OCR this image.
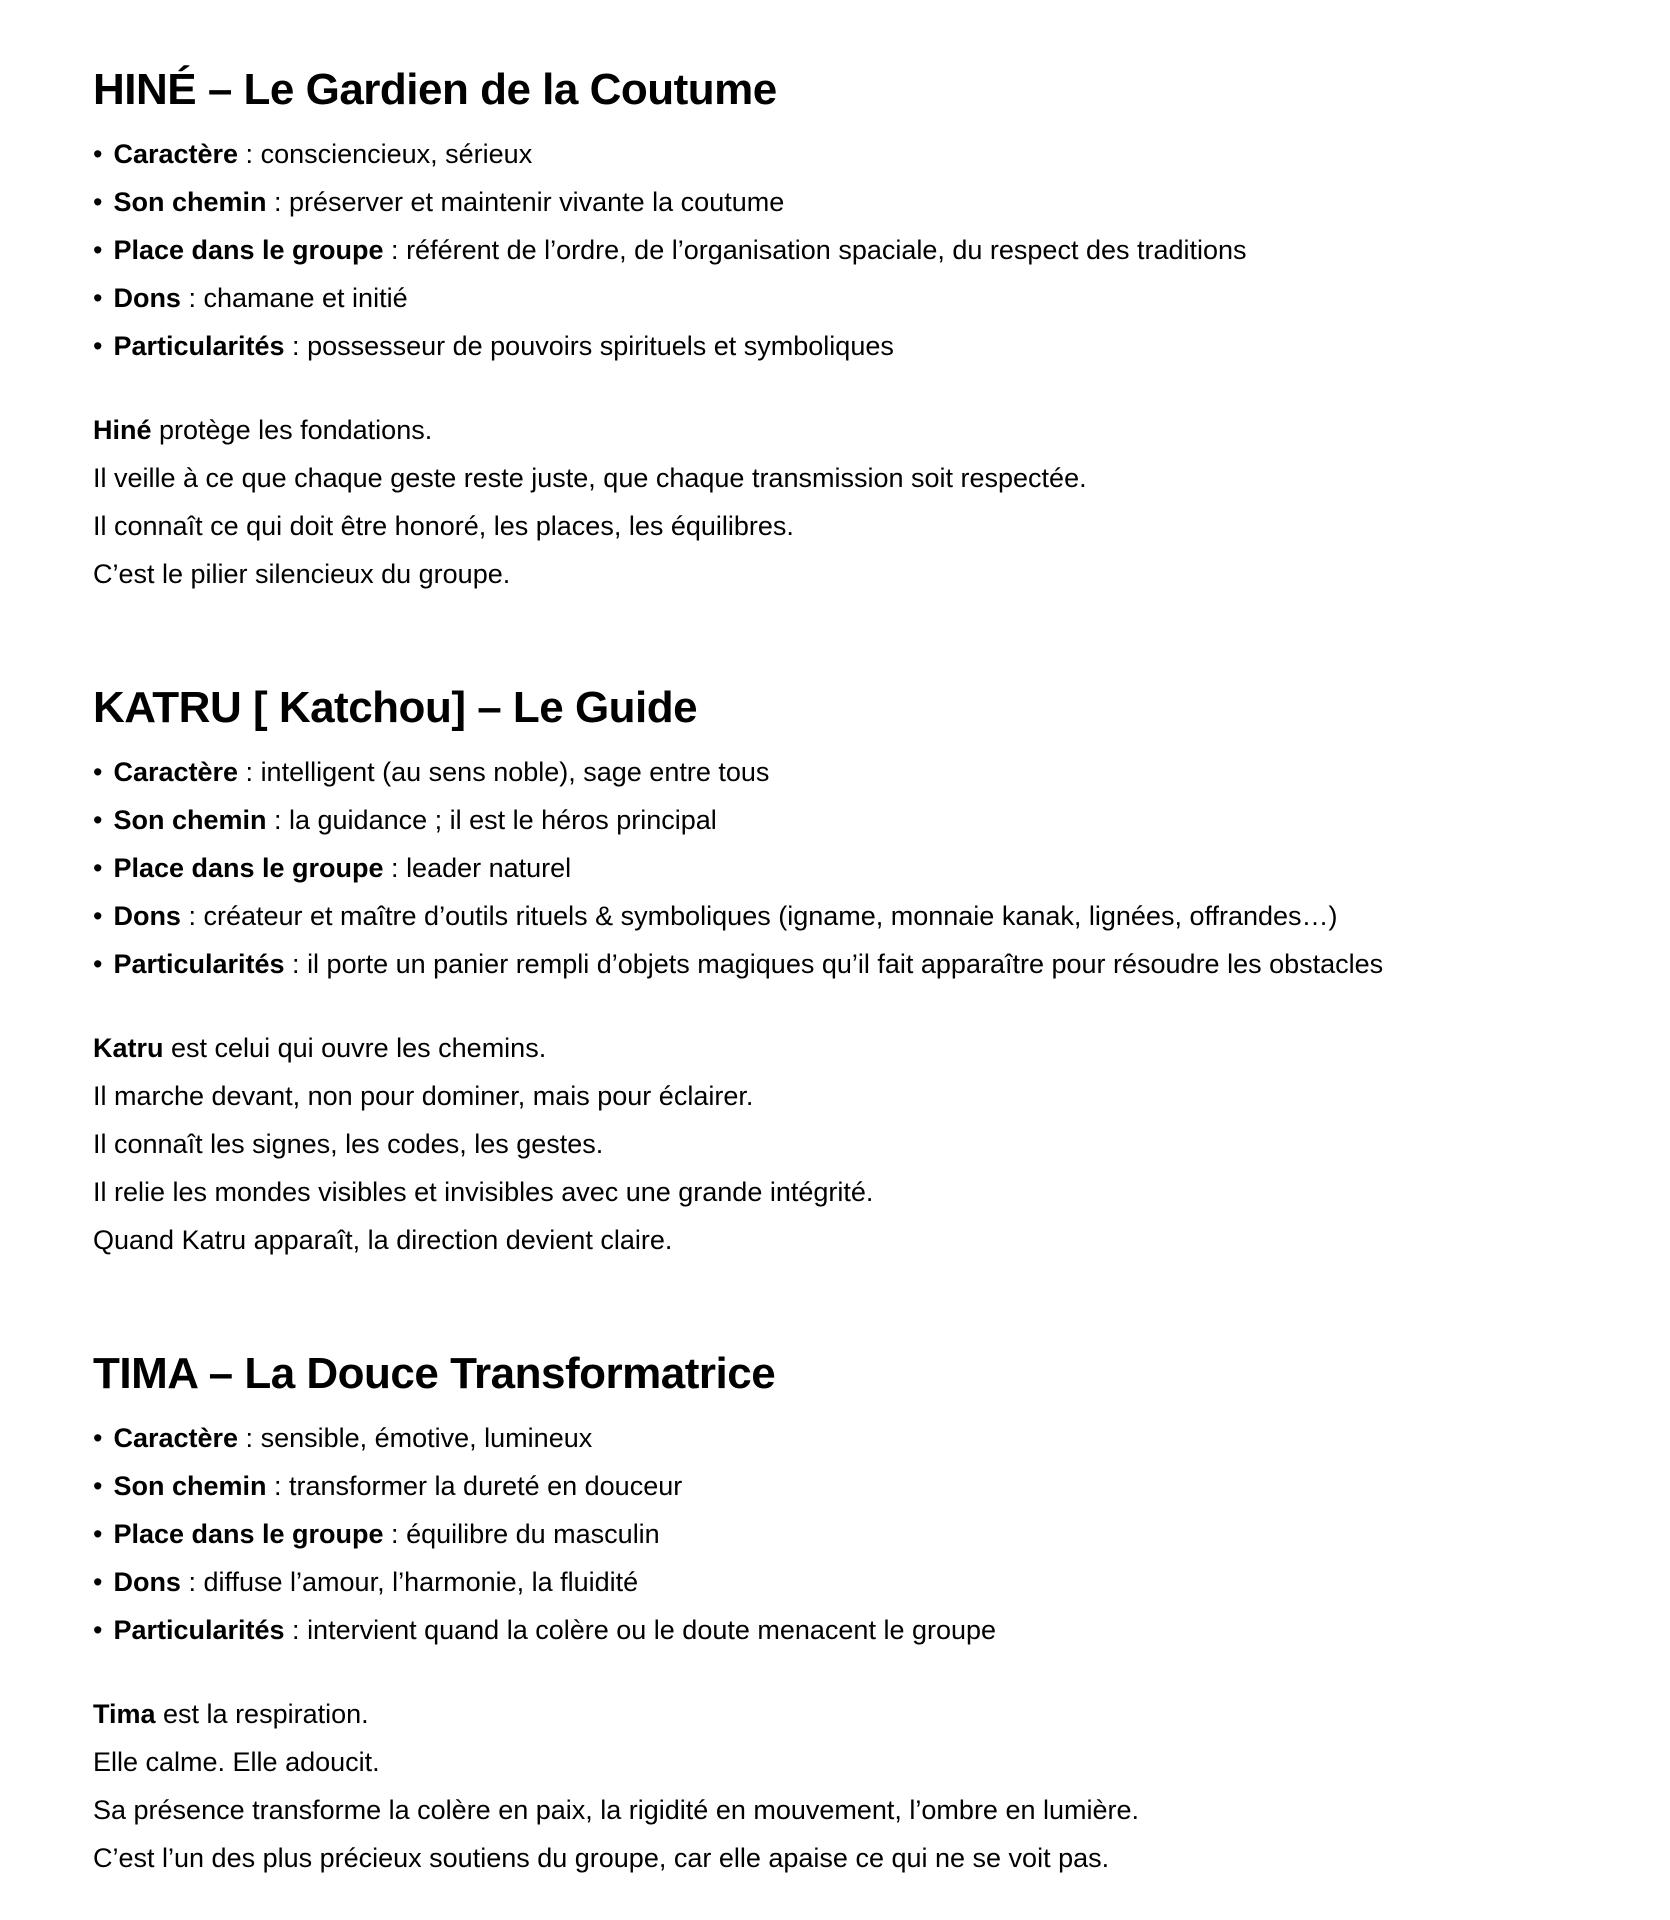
HINÉ – Le Gardien de la Coutume
• Caractère : consciencieux, sérieux
• Son chemin : préserver et maintenir vivante la coutume
• Place dans le groupe : référent de l’ordre, de l’organisation spaciale, du respect des traditions
• Dons : chamane et initié
• Particularités : possesseur de pouvoirs spirituels et symboliques

Hiné protège les fondations.

Il veille à ce que chaque geste reste juste, que chaque transmission soit respectée.

Il connaît ce qui doit être honoré, les places, les équilibres.

C’est le pilier silencieux du groupe.

KATRU [ Katchou] – Le Guide
• Caractère : intelligent (au sens noble), sage entre tous
• Son chemin : la guidance ; il est le héros principal
• Place dans le groupe : leader naturel
• Dons : créateur et maître d’outils rituels & symboliques (igname, monnaie kanak, lignées, offrandes…)
• Particularités : il porte un panier rempli d’objets magiques qu’il fait apparaître pour résoudre les obstacles

Katru est celui qui ouvre les chemins.

Il marche devant, non pour dominer, mais pour éclairer.

Il connaît les signes, les codes, les gestes.

Il relie les mondes visibles et invisibles avec une grande intégrité.

Quand Katru apparaît, la direction devient claire.

TIMA – La Douce Transformatrice
• Caractère : sensible, émotive, lumineux
• Son chemin : transformer la dureté en douceur
• Place dans le groupe : équilibre du masculin
• Dons : diffuse l’amour, l’harmonie, la fluidité
• Particularités : intervient quand la colère ou le doute menacent le groupe

Tima est la respiration.

Elle calme. Elle adoucit.

Sa présence transforme la colère en paix, la rigidité en mouvement, l’ombre en lumière.

C’est l’un des plus précieux soutiens du groupe, car elle apaise ce qui ne se voit pas.
